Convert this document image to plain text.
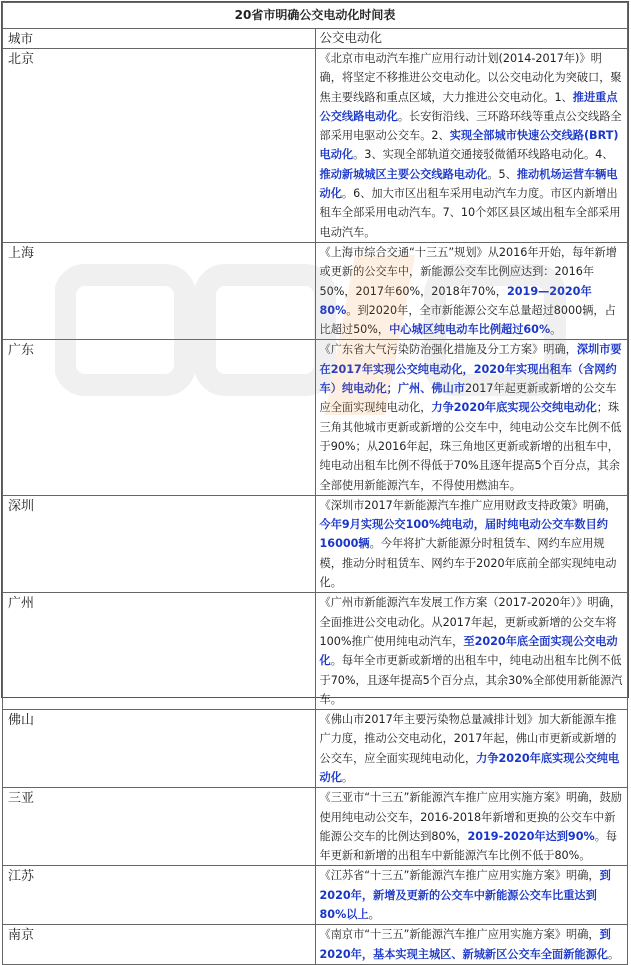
20省市明确公交电动化时间表	
城市	公交电动化
北京	《北京市电动汽车推广应用行动计划(2014-2017年)》明确，将坚定不移推进公交电动化。以公交电动化为突破口，聚焦主要线路和重点区域，大力推进公交电动化。1、推进重点公交线路电动化。长安街沿线、三环路环线等重点公交线路全部采用电驱动公交车。2、实现全部城市快速公交线路(BRT)电动化。3、实现全部轨道交通接驳微循环线路电动化。4、推动新城城区主要公交线路电动化。5、推动机场运营车辆电动化。6、加大市区出租车采用电动汽车力度。市区内新增出租车全部采用电动汽车。7、10个郊区县区域出租车全部采用电动汽车。
上海	《上海市综合交通“十三五”规划》从2016年开始，每年新增或更新的公交车中，新能源公交车比例应达到：2016年50%，2017年60%，2018年70%，2019—2020年80%。到2020年，全市新能源公交车总量超过8000辆，占比超过50%，中心城区纯电动车比例超过60%。
广东	《广东省大气污染防治强化措施及分工方案》明确，深圳市要在2017年实现公交纯电动化，2020年实现出租车（含网约车）纯电动化；广州、佛山市2017年起更新或新增的公交车应全面实现纯电动化，力争2020年底实现公交纯电动化；珠三角其他城市更新或新增的公交车中，纯电动公交车比例不低于90%；从2016年起，珠三角地区更新或新增的出租车中，纯电动出租车比例不得低于70%且逐年提高5个百分点，其余全部使用新能源汽车，不得使用燃油车。
深圳	《深圳市2017年新能源汽车推广应用财政支持政策》明确，今年9月实现公交100%纯电动，届时纯电动公交车数目约16000辆。今年将扩大新能源分时租赁车、网约车应用规模，推动分时租赁车、网约车于2020年底前全部实现纯电动化。
广州	《广州市新能源汽车发展工作方案（2017-2020年）》明确，全面推进公交电动化。从2017年起，更新或新增的公交车将100%推广使用纯电动汽车，至2020年底全面实现公交电动化。每年全市更新或新增的出租车中，纯电动出租车比例不低于70%，且逐年提高5个百分点，其余30%全部使用新能源汽车。
佛山	《佛山市2017年主要污染物总量减排计划》加大新能源车推广力度，推动公交电动化，2017年起，佛山市更新或新增的公交车，应全面实现纯电动化，力争2020年底实现公交纯电动化。
三亚	《三亚市“十三五”新能源汽车推广应用实施方案》明确，鼓励使用纯电动公交车，2016-2018年新增和更换的公交车中新能源公交车的比例达到80%，2019-2020年达到90%。每年更新和新增的出租车中新能源汽车比例不低于80%。
江苏	《江苏省“十三五”新能源汽车推广应用实施方案》明确，到2020年，新增及更新的公交车中新能源公交车比重达到80%以上。
南京	《南京市“十三五”新能源汽车推广应用实施方案》明确，到2020年，基本实现主城区、新城新区公交车全面新能源化。
